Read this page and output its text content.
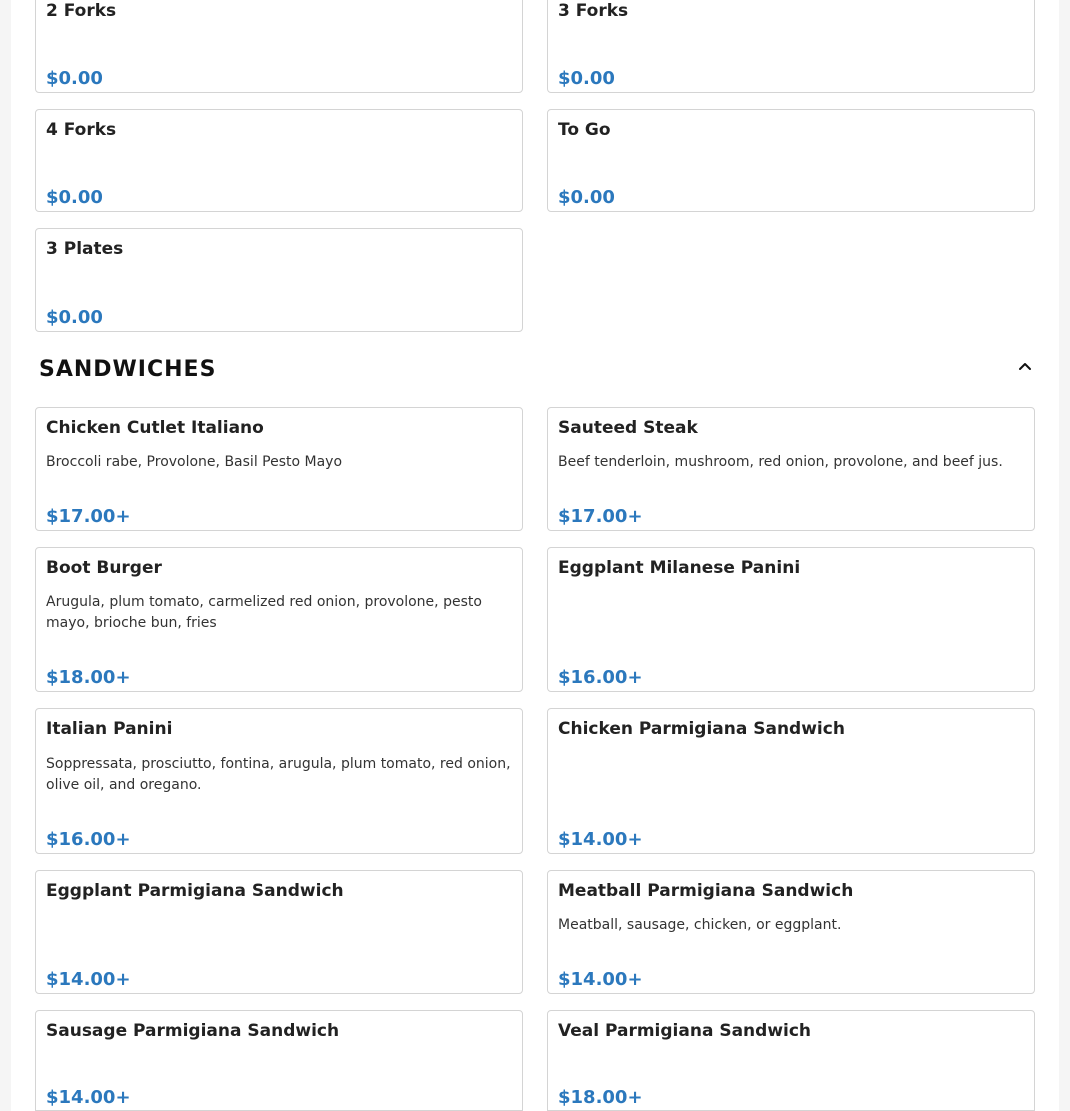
2 Forks
$0.00
3 Forks
$0.00
4 Forks
$0.00
To Go
$0.00
3 Plates
$0.00
SANDWICHES
Chicken Cutlet Italiano
Broccoli rabe, Provolone, Basil Pesto Mayo
$17.00+
Sauteed Steak
Beef tenderloin, mushroom, red onion, provolone, and beef jus.
$17.00+
Boot Burger
Arugula, plum tomato, carmelized red onion, provolone, pesto mayo, brioche bun, fries
$18.00+
Eggplant Milanese Panini
$16.00+
Italian Panini
Soppressata, prosciutto, fontina, arugula, plum tomato, red onion, olive oil, and oregano.
$16.00+
Chicken Parmigiana Sandwich
$14.00+
Eggplant Parmigiana Sandwich
$14.00+
Meatball Parmigiana Sandwich
Meatball, sausage, chicken, or eggplant.
$14.00+
Sausage Parmigiana Sandwich
$14.00+
Veal Parmigiana Sandwich
$18.00+
